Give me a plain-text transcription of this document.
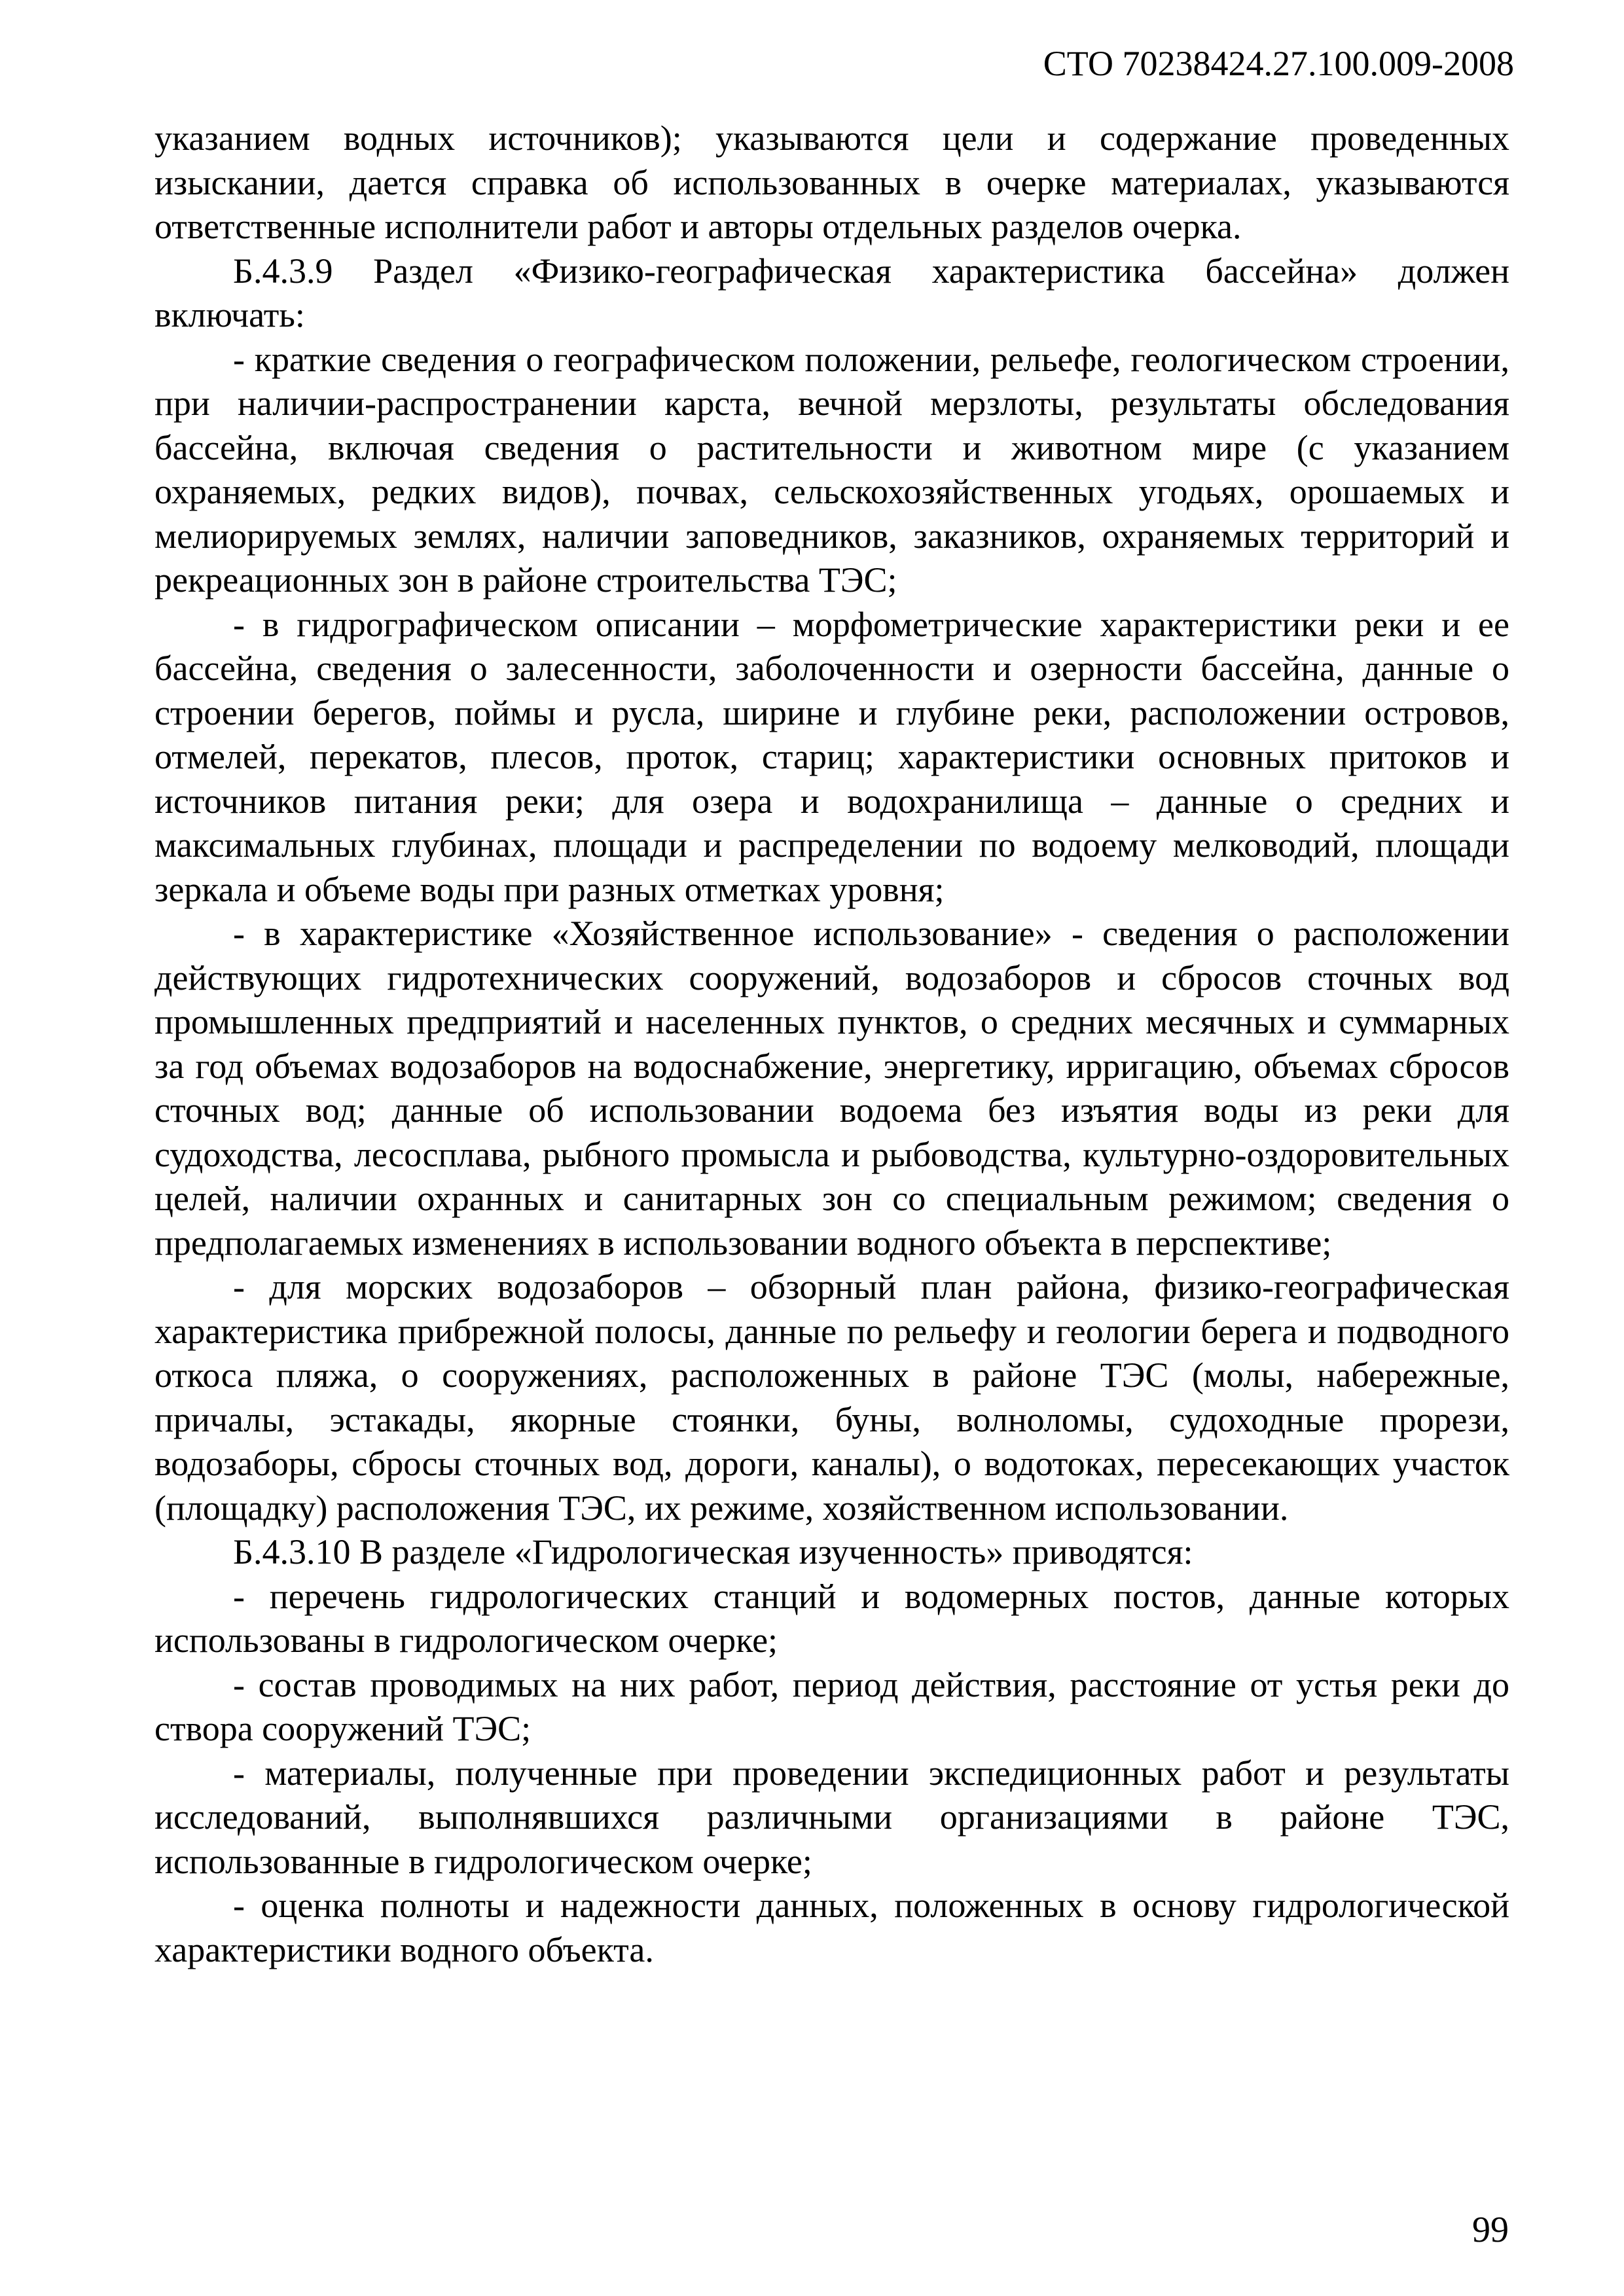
СТО 70238424.27.100.009-2008

указанием водных источников); указываются цели и содержание проведенных изыскании, дается справка об использованных в очерке материалах, указываются ответственные исполнители работ и авторы отдельных разделов очерка.

Б.4.3.9 Раздел «Физико-географическая характеристика бассейна» должен включать:

- краткие сведения о географическом положении, рельефе, геологическом строении, при наличии-распространении карста, вечной мерзлоты, результаты обследования бассейна, включая сведения о растительности и животном мире (с указанием охраняемых, редких видов), почвах, сельскохозяйственных угодьях, орошаемых и мелиорируемых землях, наличии заповедников, заказников, охраняемых территорий и рекреационных зон в районе строительства ТЭС;

- в гидрографическом описании – морфометрические характеристики реки и ее бассейна, сведения о залесенности, заболоченности и озерности бассейна, данные о строении берегов, поймы и русла, ширине и глубине реки, расположении островов, отмелей, перекатов, плесов, проток, стариц; характеристики основных притоков и источников питания реки; для озера и водохранилища – данные о средних и максимальных глубинах, площади и распределении по водоему мелководий, площади зеркала и объеме воды при разных отметках уровня;

- в характеристике «Хозяйственное использование» - сведения о расположении действующих гидротехнических сооружений, водозаборов и сбросов сточных вод промышленных предприятий и населенных пунктов, о средних месячных и суммарных за год объемах водозаборов на водоснабжение, энергетику, ирригацию, объемах сбросов сточных вод; данные об использовании водоема без изъятия воды из реки для судоходства, лесосплава, рыбного промысла и рыбоводства, культурно-оздоровительных целей, наличии охранных и санитарных зон со специальным режимом; сведения о предполагаемых изменениях в использовании водного объекта в перспективе;

- для морских водозаборов – обзорный план района, физико-географическая характеристика прибрежной полосы, данные по рельефу и геологии берега и подводного откоса пляжа, о сооружениях, расположенных в районе ТЭС (молы, набережные, причалы, эстакады, якорные стоянки, буны, волноломы, судоходные прорези, водозаборы, сбросы сточных вод, дороги, каналы), о водотоках, пересекающих участок (площадку) расположения ТЭС, их режиме, хозяйственном использовании.

Б.4.3.10 В разделе «Гидрологическая изученность» приводятся:

- перечень гидрологических станций и водомерных постов, данные которых использованы в гидрологическом очерке;

- состав проводимых на них работ, период действия, расстояние от устья реки до створа сооружений ТЭС;

- материалы, полученные при проведении экспедиционных работ и результаты исследований, выполнявшихся различными организациями в районе ТЭС, использованные в гидрологическом очерке;

- оценка полноты и надежности данных, положенных в основу гидрологической характеристики водного объекта.

99
